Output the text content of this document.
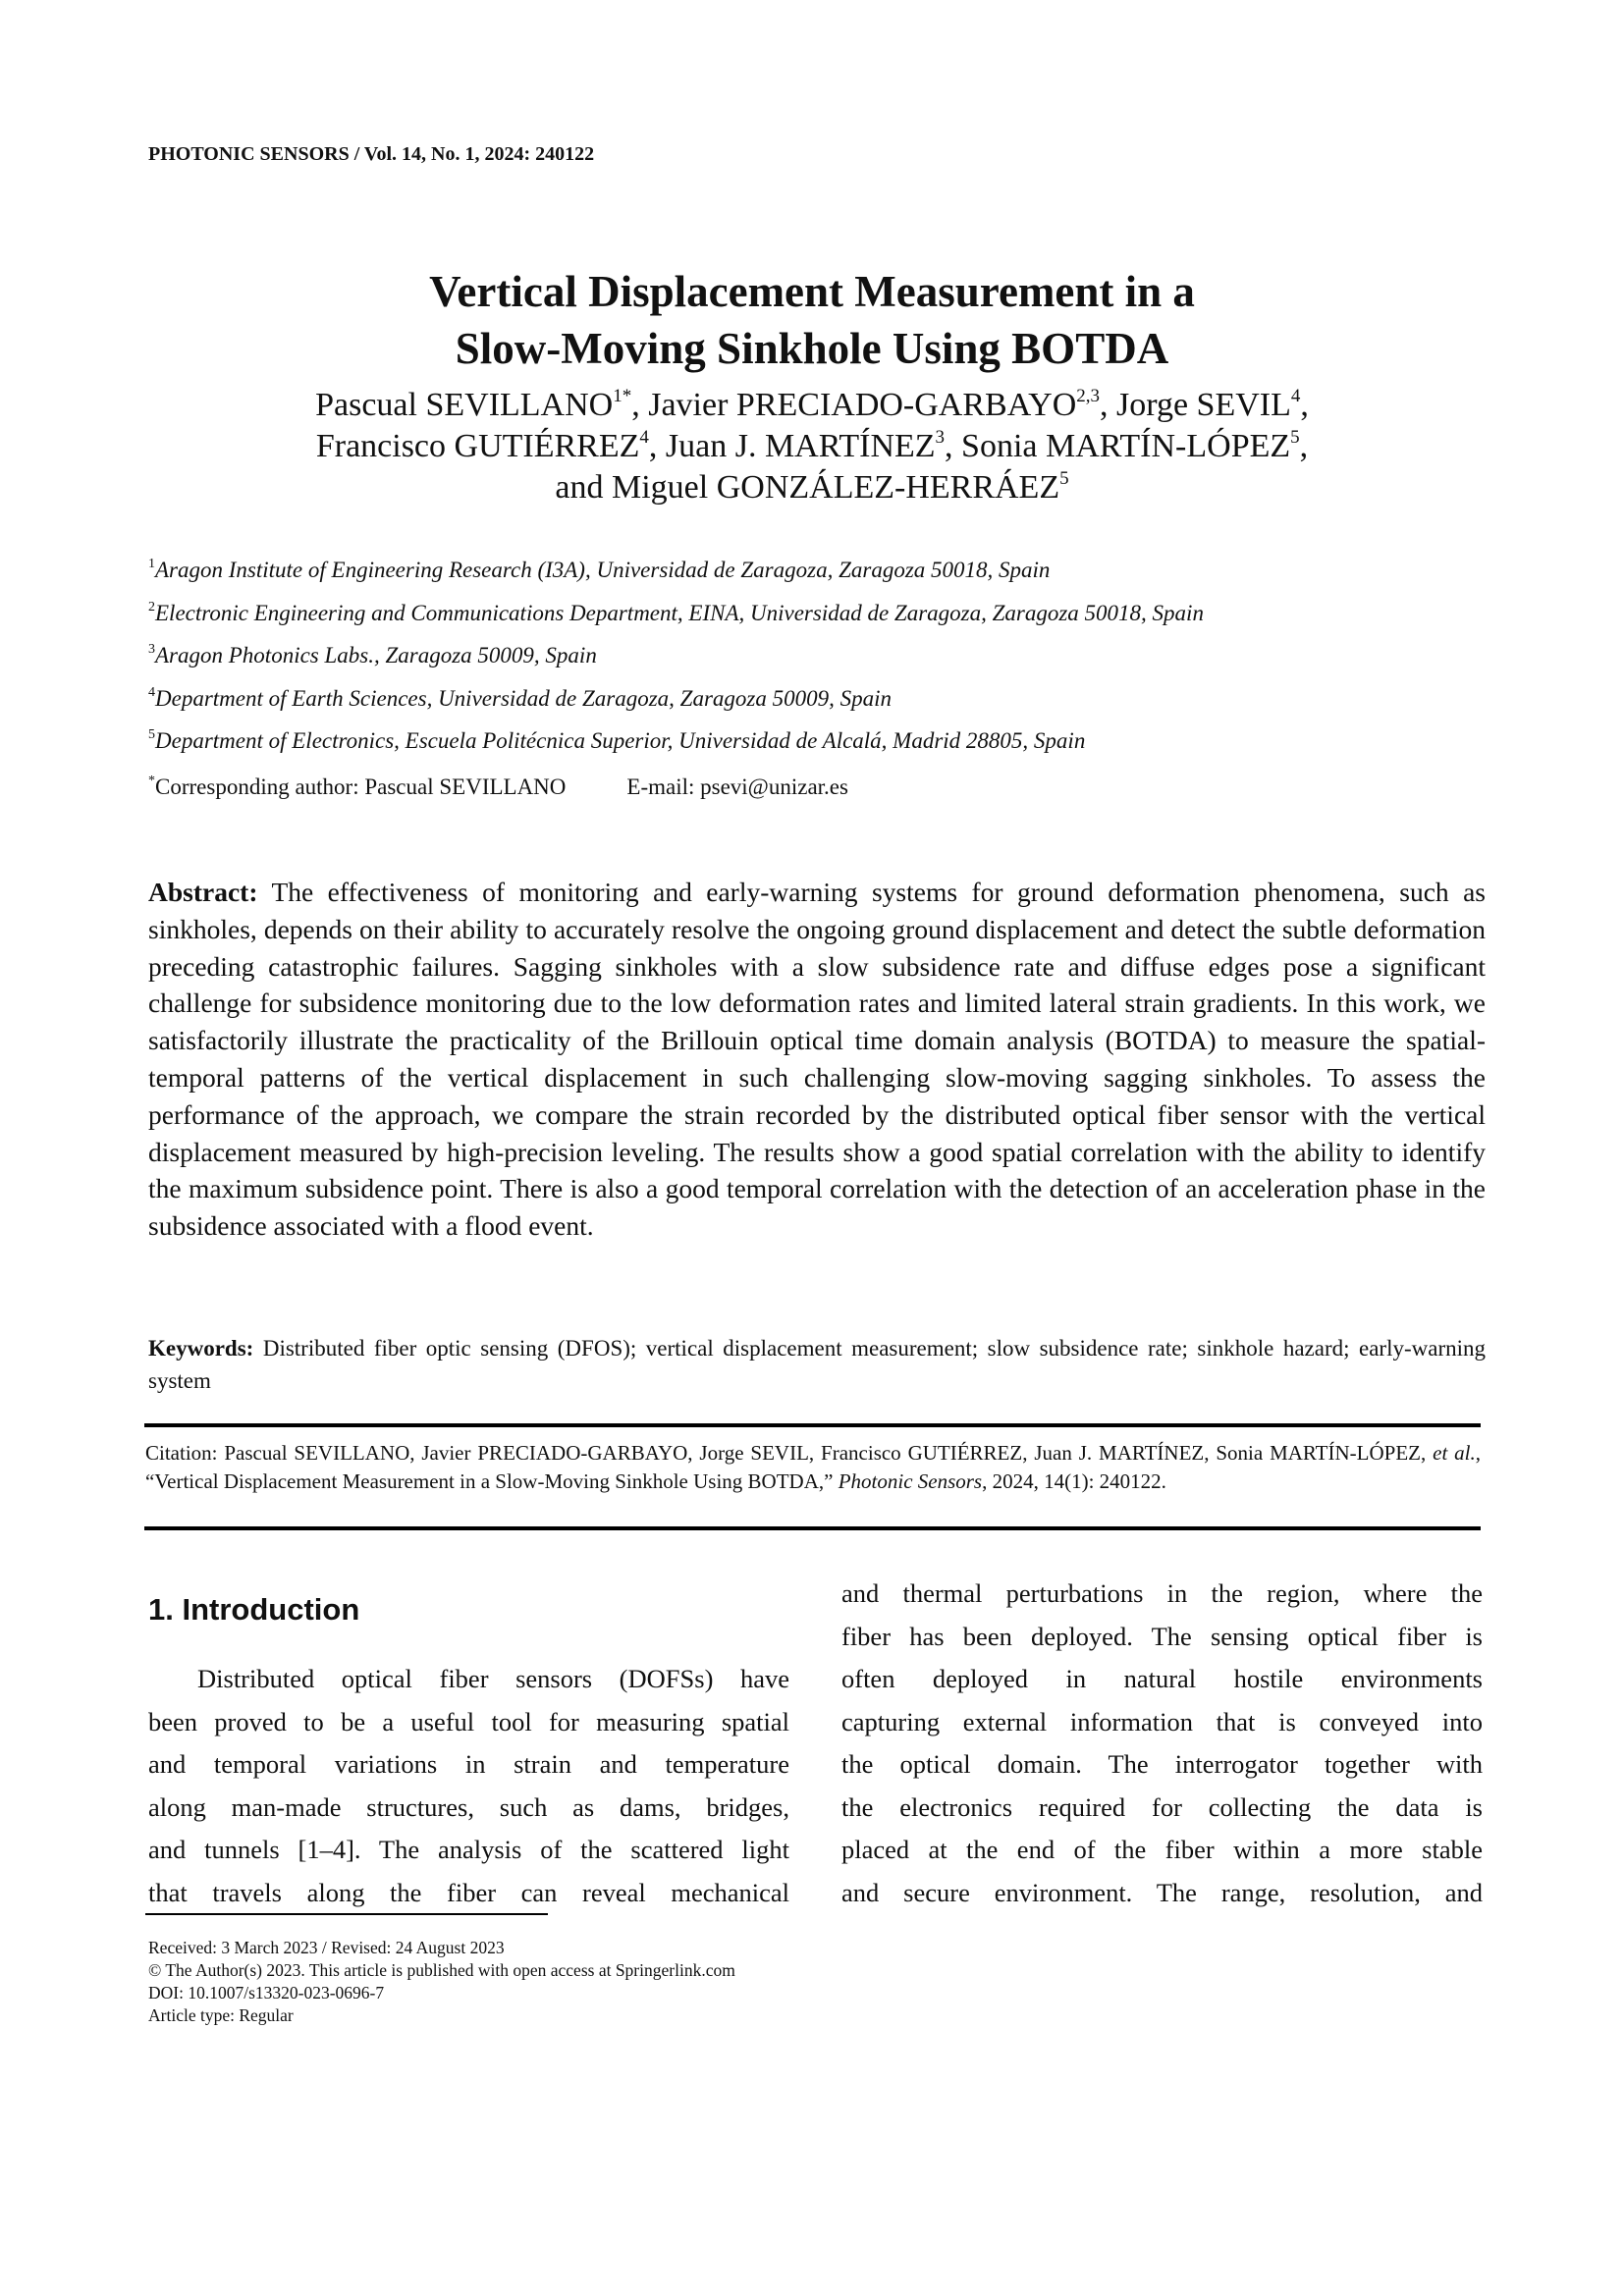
PHOTONIC SENSORS / Vol. 14, No. 1, 2024: 240122
Vertical Displacement Measurement in a
Slow-Moving Sinkhole Using BOTDA
Pascual $SEVILLANO^{1*}$, Javier PRECIADO-GARBAYO$^{2,3}$, Jorge SEVIL$^4$,
Francisco GUTIÉRREZ$^4$, Juan J. MARTÍNEZ$^3$, Sonia MARTÍN-LÓPEZ$^5$,
and Miguel GONZÁLEZ-HERRÁEZ$^5$
$^1$Aragon Institute of Engineering Research (I3A), Universidad de Zaragoza, Zaragoza 50018, Spain
$^2$Electronic Engineering and Communications Department, EINA, Universidad de Zaragoza, Zaragoza 50018, Spain
$^3$Aragon Photonics Labs., Zaragoza 50009, Spain
$^4$Department of Earth Sciences, Universidad de Zaragoza, Zaragoza 50009, Spain
$^5$Department of Electronics, Escuela Politécnica Superior, Universidad de Alcalá, Madrid 28805, Spain
*Corresponding author: Pascual SEVILLANO	E-mail: psevi@unizar.es
Abstract: The effectiveness of monitoring and early-warning systems for ground deformation phenomena, such as sinkholes, depends on their ability to accurately resolve the ongoing ground displacement and detect the subtle deformation preceding catastrophic failures. Sagging sinkholes with a slow subsidence rate and diffuse edges pose a significant challenge for subsidence monitoring due to the low deformation rates and limited lateral strain gradients. In this work, we satisfactorily illustrate the practicality of the Brillouin optical time domain analysis (BOTDA) to measure the spatial-temporal patterns of the vertical displacement in such challenging slow-moving sagging sinkholes. To assess the performance of the approach, we compare the strain recorded by the distributed optical fiber sensor with the vertical displacement measured by high-precision leveling. The results show a good spatial correlation with the ability to identify the maximum subsidence point. There is also a good temporal correlation with the detection of an acceleration phase in the subsidence associated with a flood event.
Keywords: Distributed fiber optic sensing (DFOS); vertical displacement measurement; slow subsidence rate; sinkhole hazard; early-warning system
Citation: Pascual SEVILLANO, Javier PRECIADO-GARBAYO, Jorge SEVIL, Francisco GUTIÉRREZ, Juan J. MARTÍNEZ, Sonia MARTÍN-LÓPEZ, et al., “Vertical Displacement Measurement in a Slow-Moving Sinkhole Using BOTDA,” Photonic Sensors, 2024, 14(1): 240122.
1. Introduction
Distributed optical fiber sensors (DOFSs) have
been proved to be a useful tool for measuring spatial
and temporal variations in strain and temperature
along man-made structures, such as dams, bridges,
and tunnels [1–4]. The analysis of the scattered light
that travels along the fiber can reveal mechanical
and thermal perturbations in the region, where the
fiber has been deployed. The sensing optical fiber is
often deployed in natural hostile environments
capturing external information that is conveyed into
the optical domain. The interrogator together with
the electronics required for collecting the data is
placed at the end of the fiber within a more stable
and secure environment. The range, resolution, and
Received: 3 March 2023 / Revised: 24 August 2023
© The Author(s) 2023. This article is published with open access at Springerlink.com
DOI: 10.1007/s13320-023-0696-7
Article type: Regular
